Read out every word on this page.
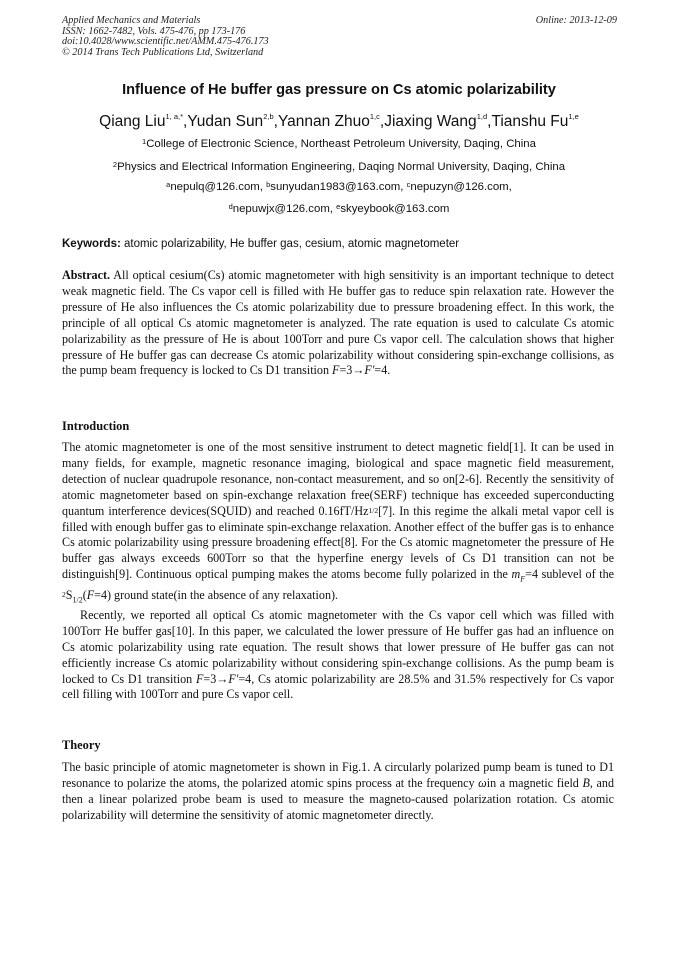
Applied Mechanics and Materials
ISSN: 1662-7482, Vols. 475-476, pp 173-176
doi:10.4028/www.scientific.net/AMM.475-476.173
© 2014 Trans Tech Publications Ltd, Switzerland
Online: 2013-12-09
Influence of He buffer gas pressure on Cs atomic polarizability
Qiang Liu$^{1, a,*}$,Yudan Sun$^{2,b}$,Yannan Zhuo$^{1,c}$,Jiaxing Wang$^{1,d}$,Tianshu Fu$^{1,e}$
$^1$College of Electronic Science, Northeast Petroleum University, Daqing, China
$^2$Physics and Electrical Information Engineering, Daqing Normal University, Daqing, China
$^a$nepulq@126.com, $^b$sunyudan1983@163.com, $^c$nepuzyn@126.com,
$^d$nepuwjx@126.com, $^e$skyeybook@163.com
Keywords: atomic polarizability, He buffer gas, cesium, atomic magnetometer

Abstract. All optical cesium(Cs) atomic magnetometer with high sensitivity is an important technique to detect weak magnetic field. The Cs vapor cell is filled with He buffer gas to reduce spin relaxation rate. However the pressure of He also influences the Cs atomic polarizability due to pressure broadening effect. In this work, the principle of all optical Cs atomic magnetometer is analyzed. The rate equation is used to calculate Cs atomic polarizability as the pressure of He is about 100Torr and pure Cs vapor cell. The calculation shows that higher pressure of He buffer gas can decrease Cs atomic polarizability without considering spin-exchange collisions, as the pump beam frequency is locked to Cs D1 transition F=3→F'=4.

Introduction

The atomic magnetometer is one of the most sensitive instrument to detect magnetic field[1]. It can be used in many fields, for example, magnetic resonance imaging, biological and space magnetic field measurement, detection of nuclear quadrupole resonance, non-contact measurement, and so on[2-6]. Recently the sensitivity of atomic magnetometer based on spin-exchange relaxation free(SERF) technique has exceeded superconducting quantum interference devices(SQUID) and reached $0.16fT/Hz^{1/2}[7]$. In this regime the alkali metal vapor cell is filled with enough buffer gas to eliminate spin-exchange relaxation. Another effect of the buffer gas is to enhance Cs atomic polarizability using pressure broadening effect[8]. For the Cs atomic magnetometer the pressure of He buffer gas always exceeds 600Torr so that the hyperfine energy levels of Cs D1 transition can not be distinguish[9]. Continuous optical pumping makes the atoms become fully polarized in the $m_F=4$ sublevel of the $^2S_{1/2}(F=4)$ ground state(in the absence of any relaxation).

Recently, we reported all optical Cs atomic magnetometer with the Cs vapor cell which was filled with 100Torr He buffer gas[10]. In this paper, we calculated the lower pressure of He buffer gas had an influence on Cs atomic polarizability using rate equation. The result shows that lower pressure of He buffer gas can not efficiently increase Cs atomic polarizability without considering spin-exchange collisions. As the pump beam is locked to Cs D1 transition F=3→F'=4, Cs atomic polarizability are 28.5% and 31.5% respectively for Cs vapor cell filling with 100Torr and pure Cs vapor cell.

Theory

The basic principle of atomic magnetometer is shown in Fig.1. A circularly polarized pump beam is tuned to D1 resonance to polarize the atoms, the polarized atomic spins process at the frequency ωin a magnetic field B, and then a linear polarized probe beam is used to measure the magneto-caused polarization rotation. Cs atomic polarizability will determine the sensitivity of atomic magnetometer directly.
